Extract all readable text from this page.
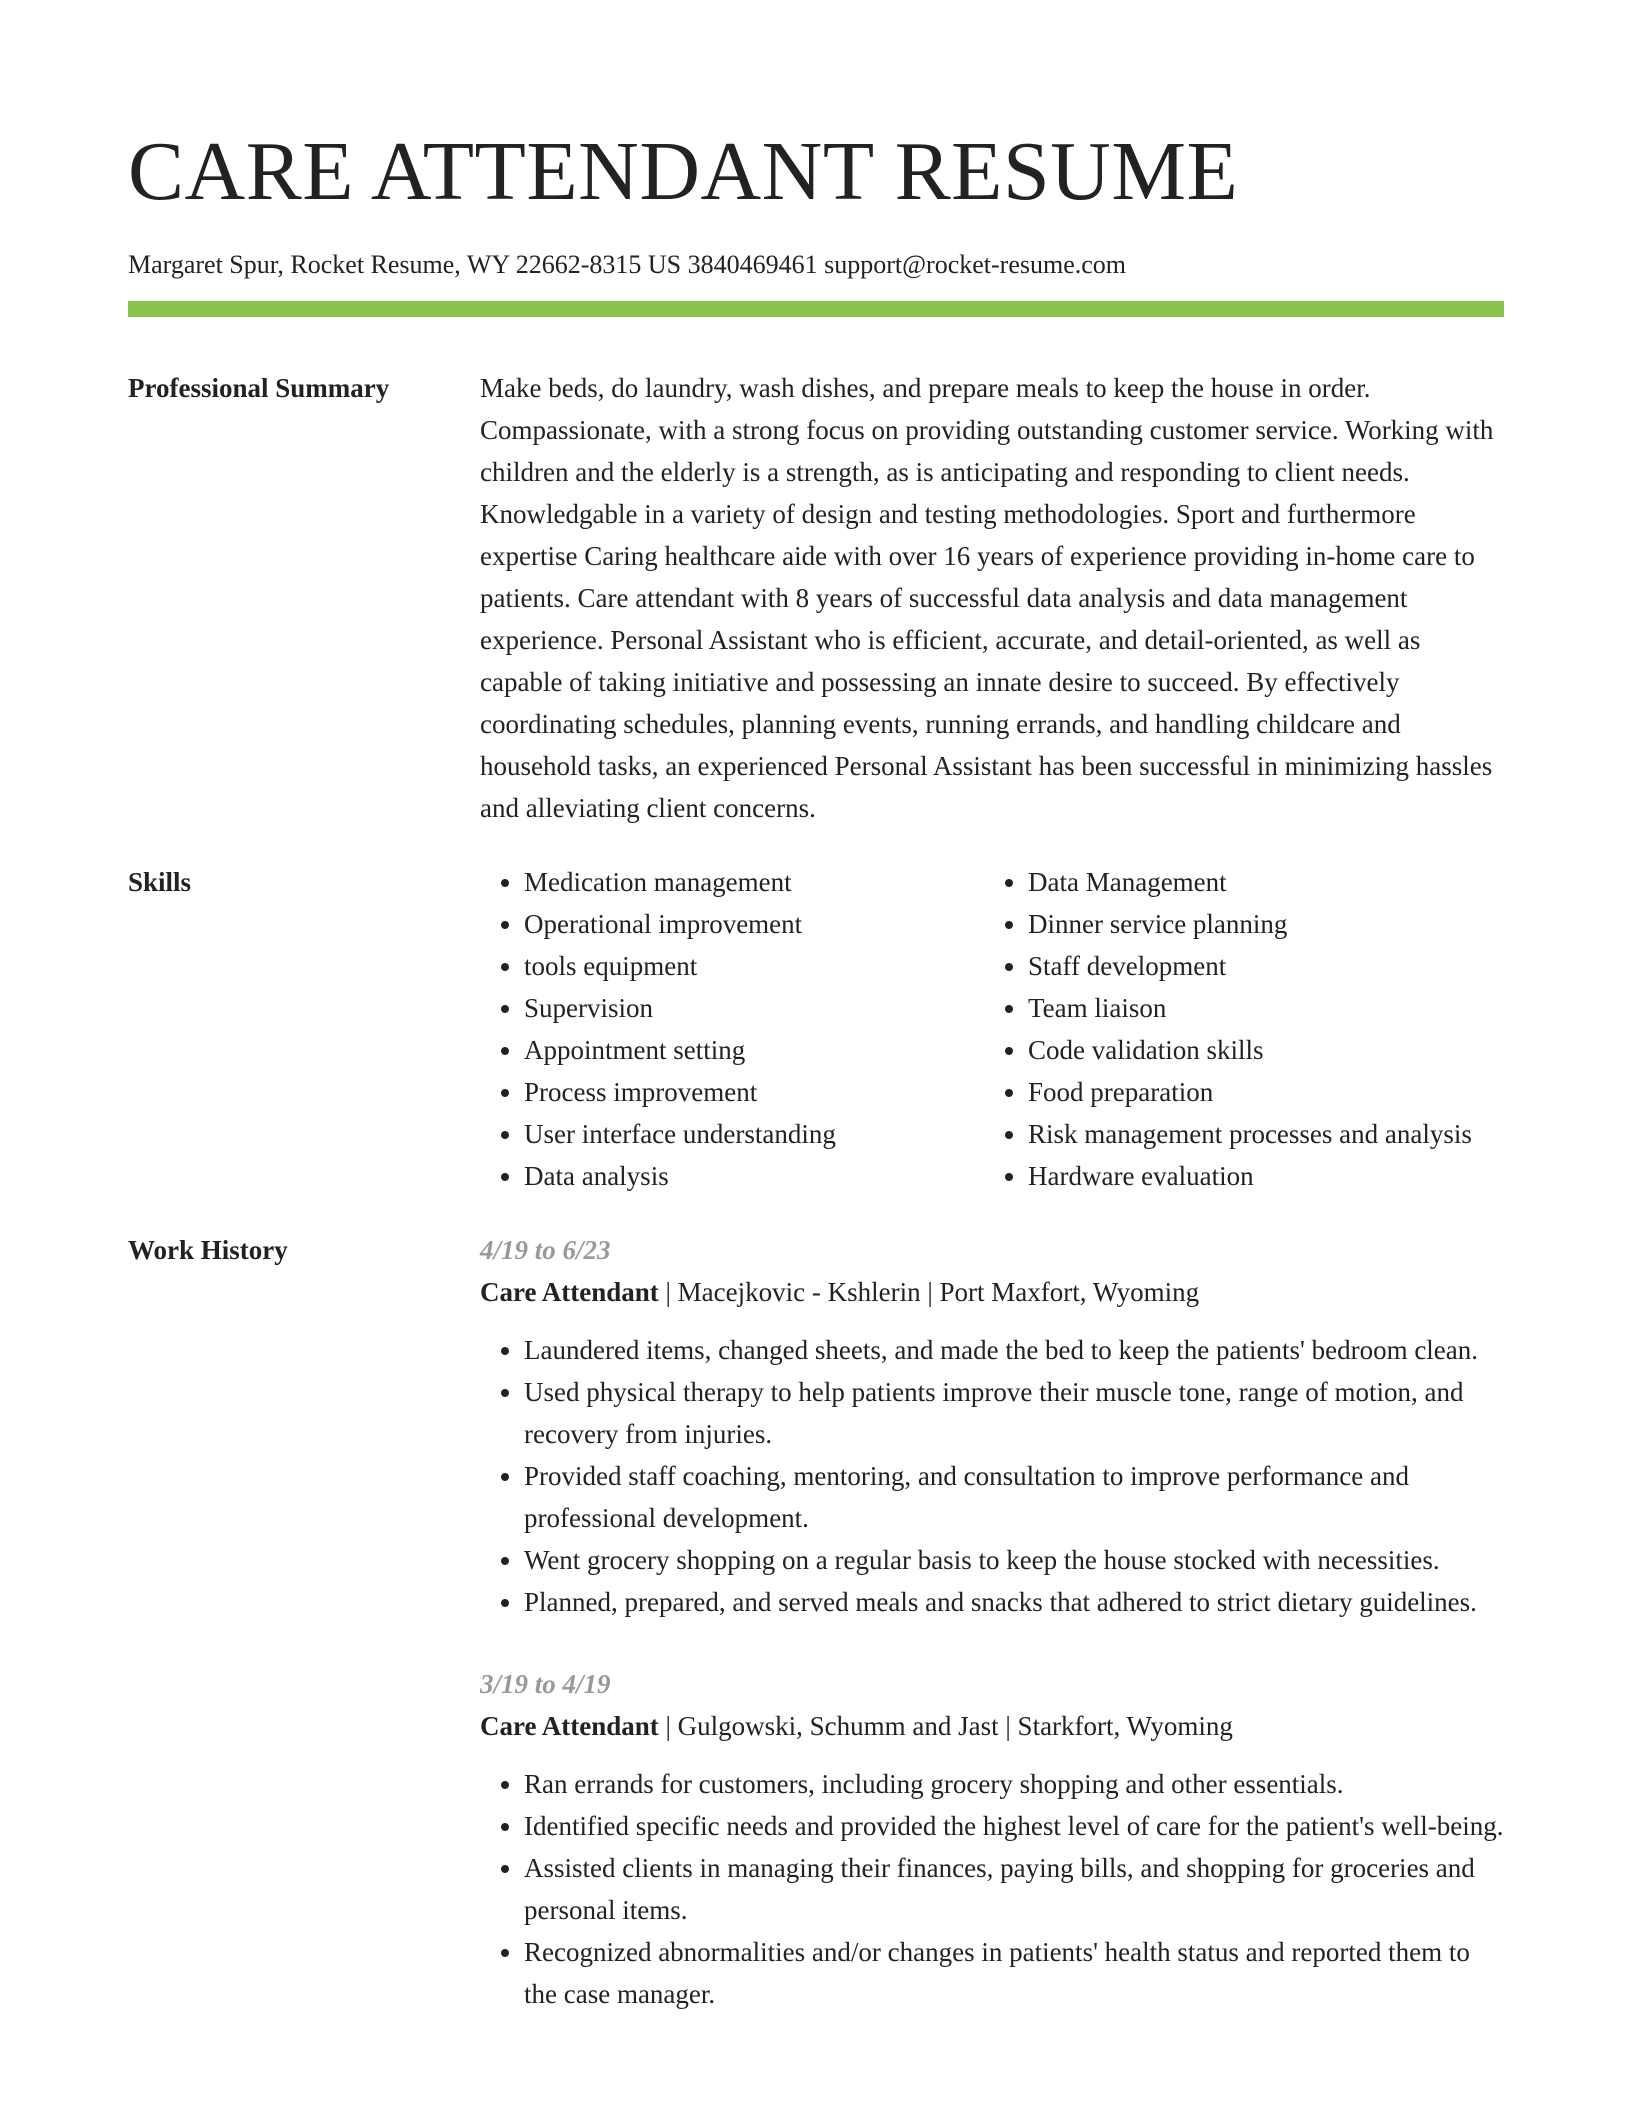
CARE ATTENDANT RESUME
Margaret Spur, Rocket Resume, WY 22662-8315 US 3840469461 support@rocket-resume.com
Professional Summary	Make beds, do laundry, wash dishes, and prepare meals to keep the house in order. Compassionate, with a strong focus on providing outstanding customer service. Working with children and the elderly is a strength, as is anticipating and responding to client needs. Knowledgable in a variety of design and testing methodologies. Sport and furthermore expertise Caring healthcare aide with over 16 years of experience providing in-home care to patients. Care attendant with 8 years of successful data analysis and data management experience. Personal Assistant who is efficient, accurate, and detail-oriented, as well as capable of taking initiative and possessing an innate desire to succeed. By effectively coordinating schedules, planning events, running errands, and handling childcare and household tasks, an experienced Personal Assistant has been successful in minimizing hassles and alleviating client concerns.

Skills
•	Medication management
• Operational improvement
• tools equipment
• Supervision
• Appointment setting
• Process improvement
• User interface understanding
• Data analysis
• Data Management
• Dinner service planning
• Staff development
• Team liaison
• Code validation skills
• Food preparation
• Risk management processes and analysis
• Hardware evaluation
Work History	4/19 to 6/23
Care Attendant | Macejkovic - Kshlerin | Port Maxfort, Wyoming
• Laundered items, changed sheets, and made the bed to keep the patients' bedroom clean.
• Used physical therapy to help patients improve their muscle tone, range of motion, and recovery from injuries.
• Provided staff coaching, mentoring, and consultation to improve performance and professional development.
• Went grocery shopping on a regular basis to keep the house stocked with necessities.
• Planned, prepared, and served meals and snacks that adhered to strict dietary guidelines.
3/19 to 4/19
Care Attendant | Gulgowski, Schumm and Jast | Starkfort, Wyoming
• Ran errands for customers, including grocery shopping and other essentials.
• Identified specific needs and provided the highest level of care for the patient's well-being.
• Assisted clients in managing their finances, paying bills, and shopping for groceries and personal items.
• Recognized abnormalities and/or changes in patients' health status and reported them to the case manager.
